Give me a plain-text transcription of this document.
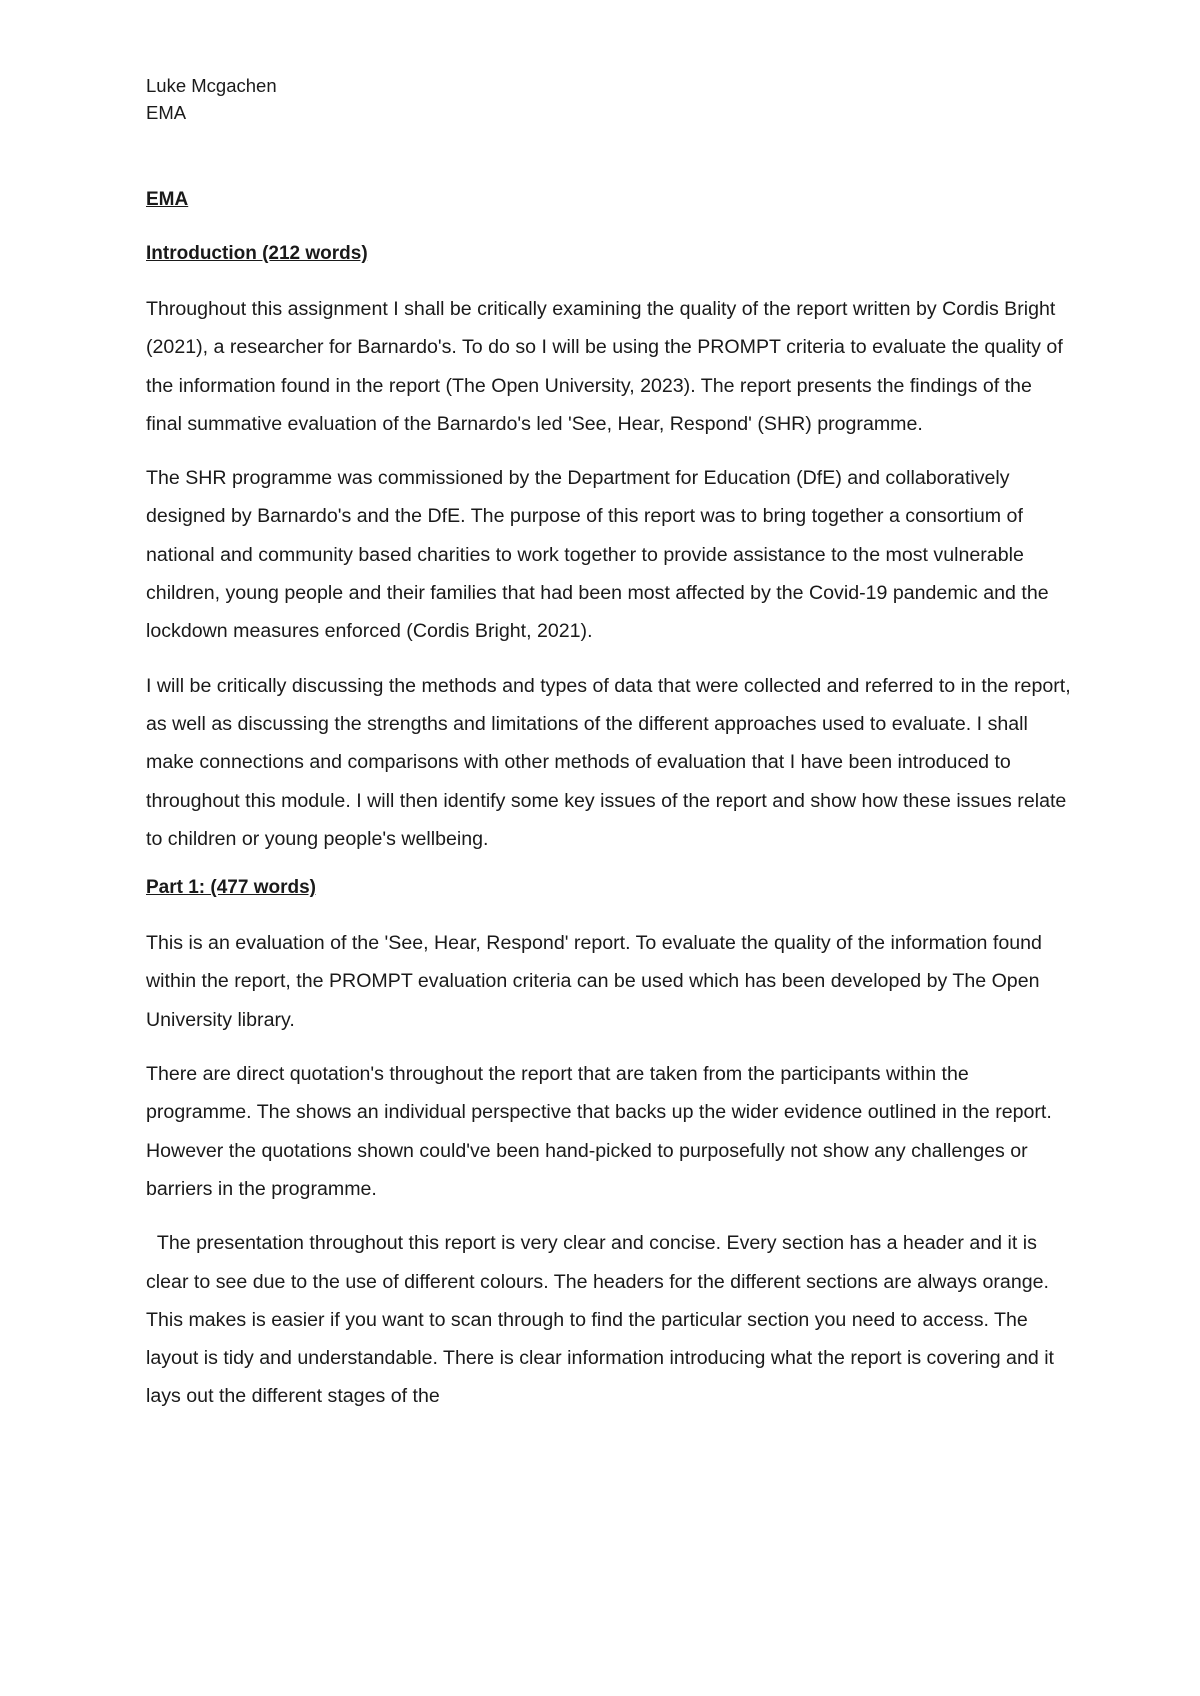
Luke Mcgachen
EMA
EMA
Introduction (212 words)

Throughout this assignment I shall be critically examining the quality of the report written by Cordis Bright (2021), a researcher for Barnardo's. To do so I will be using the PROMPT criteria to evaluate the quality of the information found in the report (The Open University, 2023). The report presents the findings of the final summative evaluation of the Barnardo's led 'See, Hear, Respond' (SHR) programme.

The SHR programme was commissioned by the Department for Education (DfE) and collaboratively designed by Barnardo's and the DfE. The purpose of this report was to bring together a consortium of national and community based charities to work together to provide assistance to the most vulnerable children, young people and their families that had been most affected by the Covid-19 pandemic and the lockdown measures enforced (Cordis Bright, 2021).

I will be critically discussing the methods and types of data that were collected and referred to in the report, as well as discussing the strengths and limitations of the different approaches used to evaluate. I shall make connections and comparisons with other methods of evaluation that I have been introduced to throughout this module. I will then identify some key issues of the report and show how these issues relate to children or young people's wellbeing.

Part 1: (477 words)

This is an evaluation of the 'See, Hear, Respond' report. To evaluate the quality of the information found within the report, the PROMPT evaluation criteria can be used which has been developed by The Open University library.

There are direct quotation's throughout the report that are taken from the participants within the programme. The shows an individual perspective that backs up the wider evidence outlined in the report. However the quotations shown could've been hand-picked to purposefully not show any challenges or barriers in the programme.

The presentation throughout this report is very clear and concise. Every section has a header and it is clear to see due to the use of different colours. The headers for the different sections are always orange. This makes is easier if you want to scan through to find the particular section you need to access. The layout is tidy and understandable. There is clear information introducing what the report is covering and it lays out the different stages of the
